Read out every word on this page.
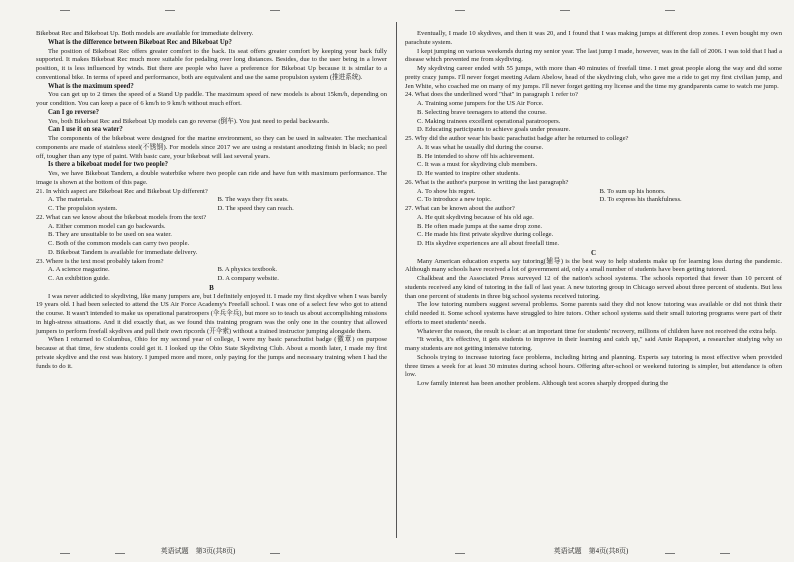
Bikeboat Rec and Bikeboat Up. Both models are available for immediate delivery.

What is the difference between Bikeboat Rec and Bikeboat Up?

The position of Bikeboat Rec offers greater comfort to the back. Its seat offers greater comfort by keeping your back fully supported. It makes Bikeboat Rec much more suitable for pedaling over long distances. Besides, due to the user being in a lower position, it is less influenced by winds. But there are people who have a preference for Bikeboat Up because it is similar to a conventional bike. In terms of speed and performance, both are equivalent and use the same propulsion system (推进系统).

What is the maximum speed?

You can get up to 2 times the speed of a Stand Up paddle. The maximum speed of new models is about 15km/h, depending on your condition. You can keep a pace of 6 km/h to 9 km/h without much effort.

Can I go reverse?

Yes, both Bikeboat Rec and Bikeboat Up models can go reverse (倒车). You just need to pedal backwards.

Can I use it on sea water?

The components of the bikeboat were designed for the marine environment, so they can be used in saltwater. The mechanical components are made of stainless steel(不锈钢). For models since 2017 we are using a resistant anodizing finish in black; no peel off, tougher than any type of paint. With basic care, your bikeboat will last several years.

Is there a bikeboat model for two people?

Yes, we have Bikeboat Tandem, a double waterbike where two people can ride and have fun with maximum performance. The image is shown at the bottom of this page.

21. In which aspect are Bikeboat Rec and Bikeboat Up different?

A. The materials.	B. The ways they fix seats.
C. The propulsion system.	D. The speed they can reach.

22. What can we know about the bikeboat models from the text?

A. Either common model can go backwards.
B. They are unsuitable to be used on sea water.
C. Both of the common models can carry two people.
D. Bikeboat Tandem is available for immediate delivery.

23. Where is the text most probably taken from?

A. A science magazine.	B. A physics textbook.
C. An exhibition guide.	D. A company website.

B

I was never addicted to skydiving, like many jumpers are, but I definitely enjoyed it. I made my first skydive when I was barely 19 years old. I had been selected to attend the US Air Force Academy's Freefall school. I was one of a select few who got to attend the course. It wasn't intended to make us operational paratroopers (伞兵伞兵), but more so to teach us about accomplishing missions in high-stress situations. And it did exactly that, as we found this training program was the only one in the country that allowed jumpers to perform freefall skydives and pull their own ripcords (开伞索) without a trained instructor jumping alongside them.

When I returned to Columbus, Ohio for my second year of college, I were my basic parachutist badge (徽章) on purpose because at that time, few students could get it. I looked up the Ohio State Skydiving Club. About a month later, I made my first private skydive and the rest was history. I jumped more and more, only paying for the jumps and necessary training when I had the funds to do it.

Eventually, I made 10 skydives, and then it was 20, and I found that I was making jumps at different drop zones. I even bought my own parachute system.

I kept jumping on various weekends during my senior year. The last jump I made, however, was in the fall of 2006. I was told that I had a disease which prevented me from skydiving.

My skydiving career ended with 55 jumps, with more than 40 minutes of freefall time. I met great people along the way and did some pretty crazy jumps. I'll never forget meeting Adam Abelow, head of the skydiving club, who gave me a ride to get my first civilian jump, and Jen White, who coached me on many of my jumps. I'll never forget getting my license and the time my grandparents came to watch me jump.

24. What does the underlined word "that" in paragraph 1 refer to?

A. Training some jumpers for the US Air Force.
B. Selecting brave teenagers to attend the course.
C. Making trainees excellent operational paratroopers.
D. Educating participants to achieve goals under pressure.

25. Why did the author wear his basic parachutist badge after he returned to college?

A. It was what he usually did during the course.
B. He intended to show off his achievement.
C. It was a must for skydiving club members.
D. He wanted to inspire other students.

26. What is the author's purpose in writing the last paragraph?

A. To show his regret.	B. To sum up his honors.
C. To introduce a new topic.	D. To express his thankfulness.

27. What can be known about the author?

A. He quit skydiving because of his old age.
B. He often made jumps at the same drop zone.
C. He made his first private skydive during college.
D. His skydive experiences are all about freefall time.

C

Many American education experts say tutoring(辅导) is the best way to help students make up for learning loss during the pandemic. Although many schools have received a lot of government aid, only a small number of students have been getting tutored.

Chalkbeat and the Associated Press surveyed 12 of the nation's school systems. The schools reported that fewer than 10 percent of students received any kind of tutoring in the fall of last year. A new tutoring group in Chicago served about three percent of students. But less than one percent of students in three big school systems received tutoring.

The low tutoring numbers suggest several problems. Some parents said they did not know tutoring was available or did not think their child needed it. Some school systems have struggled to hire tutors. Other school systems said their small tutoring programs were part of their efforts to meet students' needs.

Whatever the reason, the result is clear: at an important time for students' recovery, millions of children have not received the extra help.

"It works, it's effective, it gets students to improve in their learning and catch up," said Amie Rapaport, a researcher studying why so many students are not getting intensive tutoring.

Schools trying to increase tutoring face problems, including hiring and planning. Experts say tutoring is most effective when provided three times a week for at least 30 minutes during school hours. Offering after-school or weekend tutoring is simpler, but attendance is often low.

Low family interest has been another problem. Although test scores sharply dropped during the

英语试题　第3页(共8页)	英语试题　第4页(共8页)
